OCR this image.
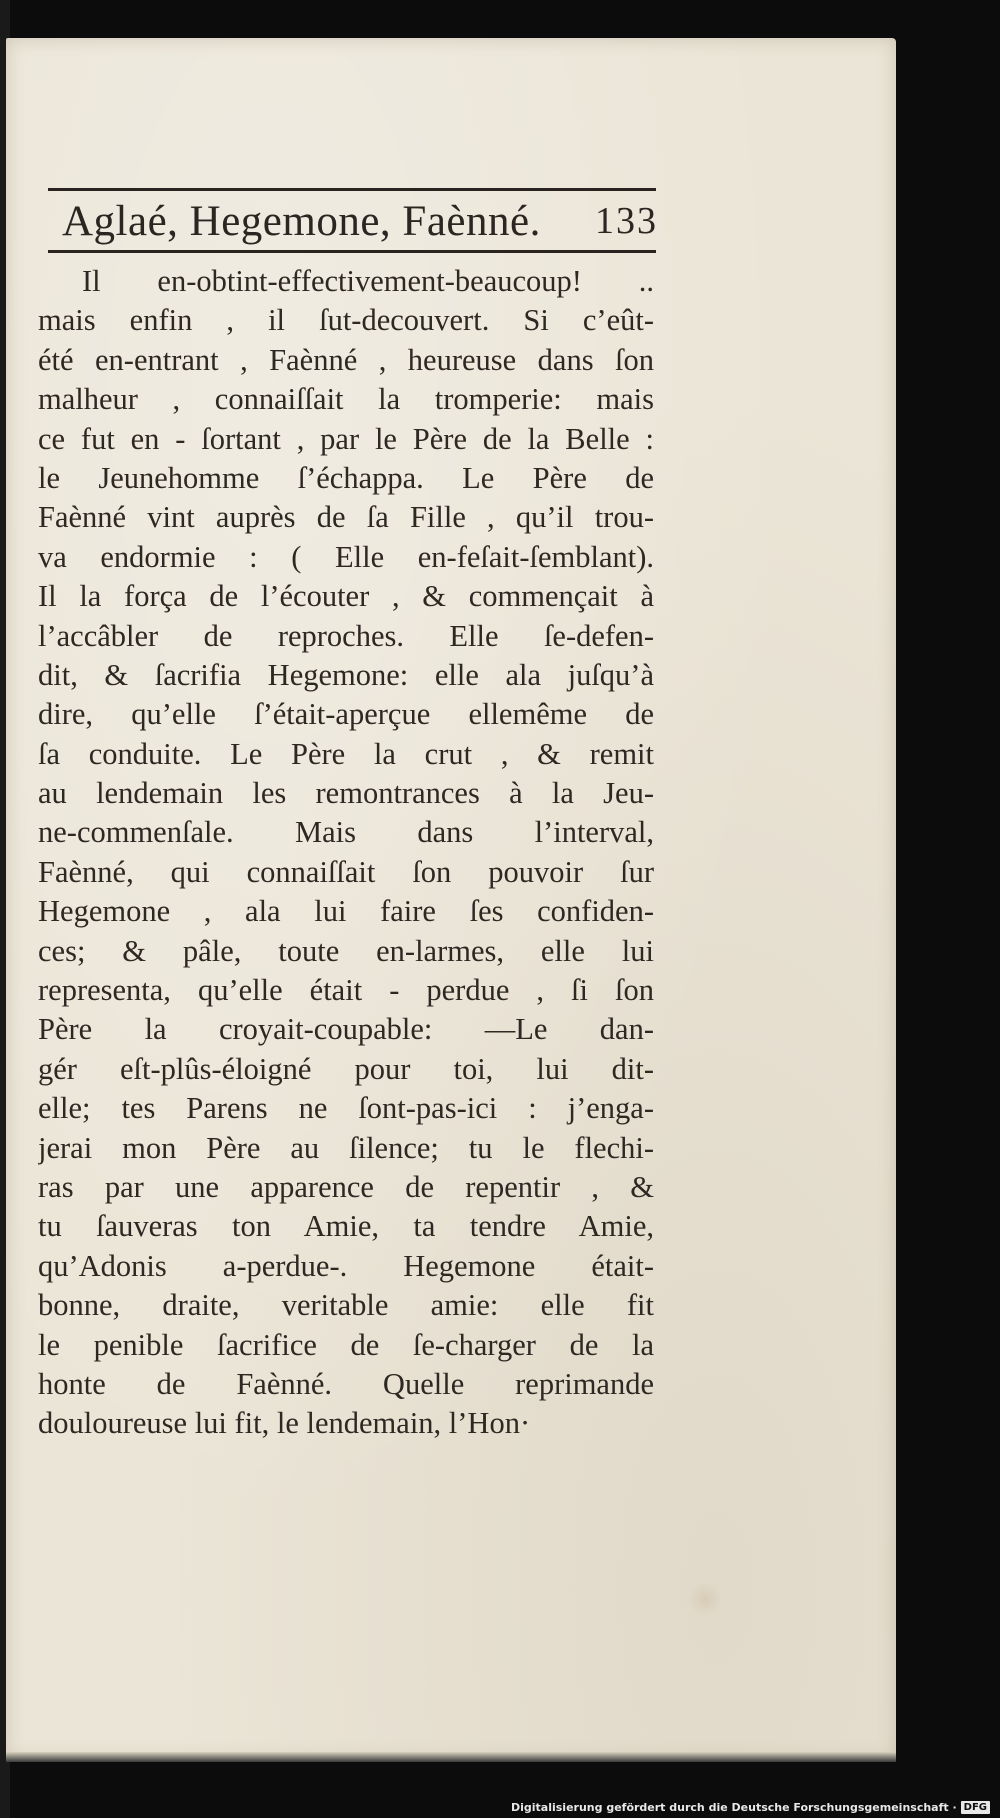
Aglaé, Hegemone, Faènné. 133
Il en-obtint-effectivement-beaucoup! ..
mais enfin , il ſut-decouvert. Si c’eût-
été en-entrant , Faènné , heureuse dans ſon
malheur , connaiſſait la tromperie: mais
ce fut en - ſortant , par le Père de la Belle :
le Jeunehomme ſ’échappa. Le Père de
Faènné vint auprès de ſa Fille , qu’il trou-
va endormie : ( Elle en-feſait-ſemblant).
Il la força de l’écouter , & commençait à
l’accâbler de reproches. Elle ſe-defen-
dit, & ſacrifia Hegemone: elle ala juſqu’à
dire, qu’elle ſ’était-aperçue ellemême de
ſa conduite. Le Père la crut , & remit
au lendemain les remontrances à la Jeu-
ne-commenſale. Mais dans l’interval,
Faènné, qui connaiſſait ſon pouvoir ſur
Hegemone , ala lui faire ſes confiden-
ces; & pâle, toute en-larmes, elle lui
representa, qu’elle était - perdue , ſi ſon
Père la croyait-coupable: —Le dan-
gér eſt-plûs-éloigné pour toi, lui dit-
elle; tes Parens ne ſont-pas-ici : j’enga-
jerai mon Père au ſilence; tu le flechi-
ras par une apparence de repentir , &
tu ſauveras ton Amie, ta tendre Amie,
qu’Adonis a-perdue-. Hegemone était-
bonne, draite, veritable amie: elle fit
le penible ſacrifice de ſe-charger de la
honte de Faènné. Quelle reprimande
douloureuse lui fit, le lendemain, l’Hon·
Digitalisierung gefördert durch die Deutsche Forschungsgemeinschaft · DFG
